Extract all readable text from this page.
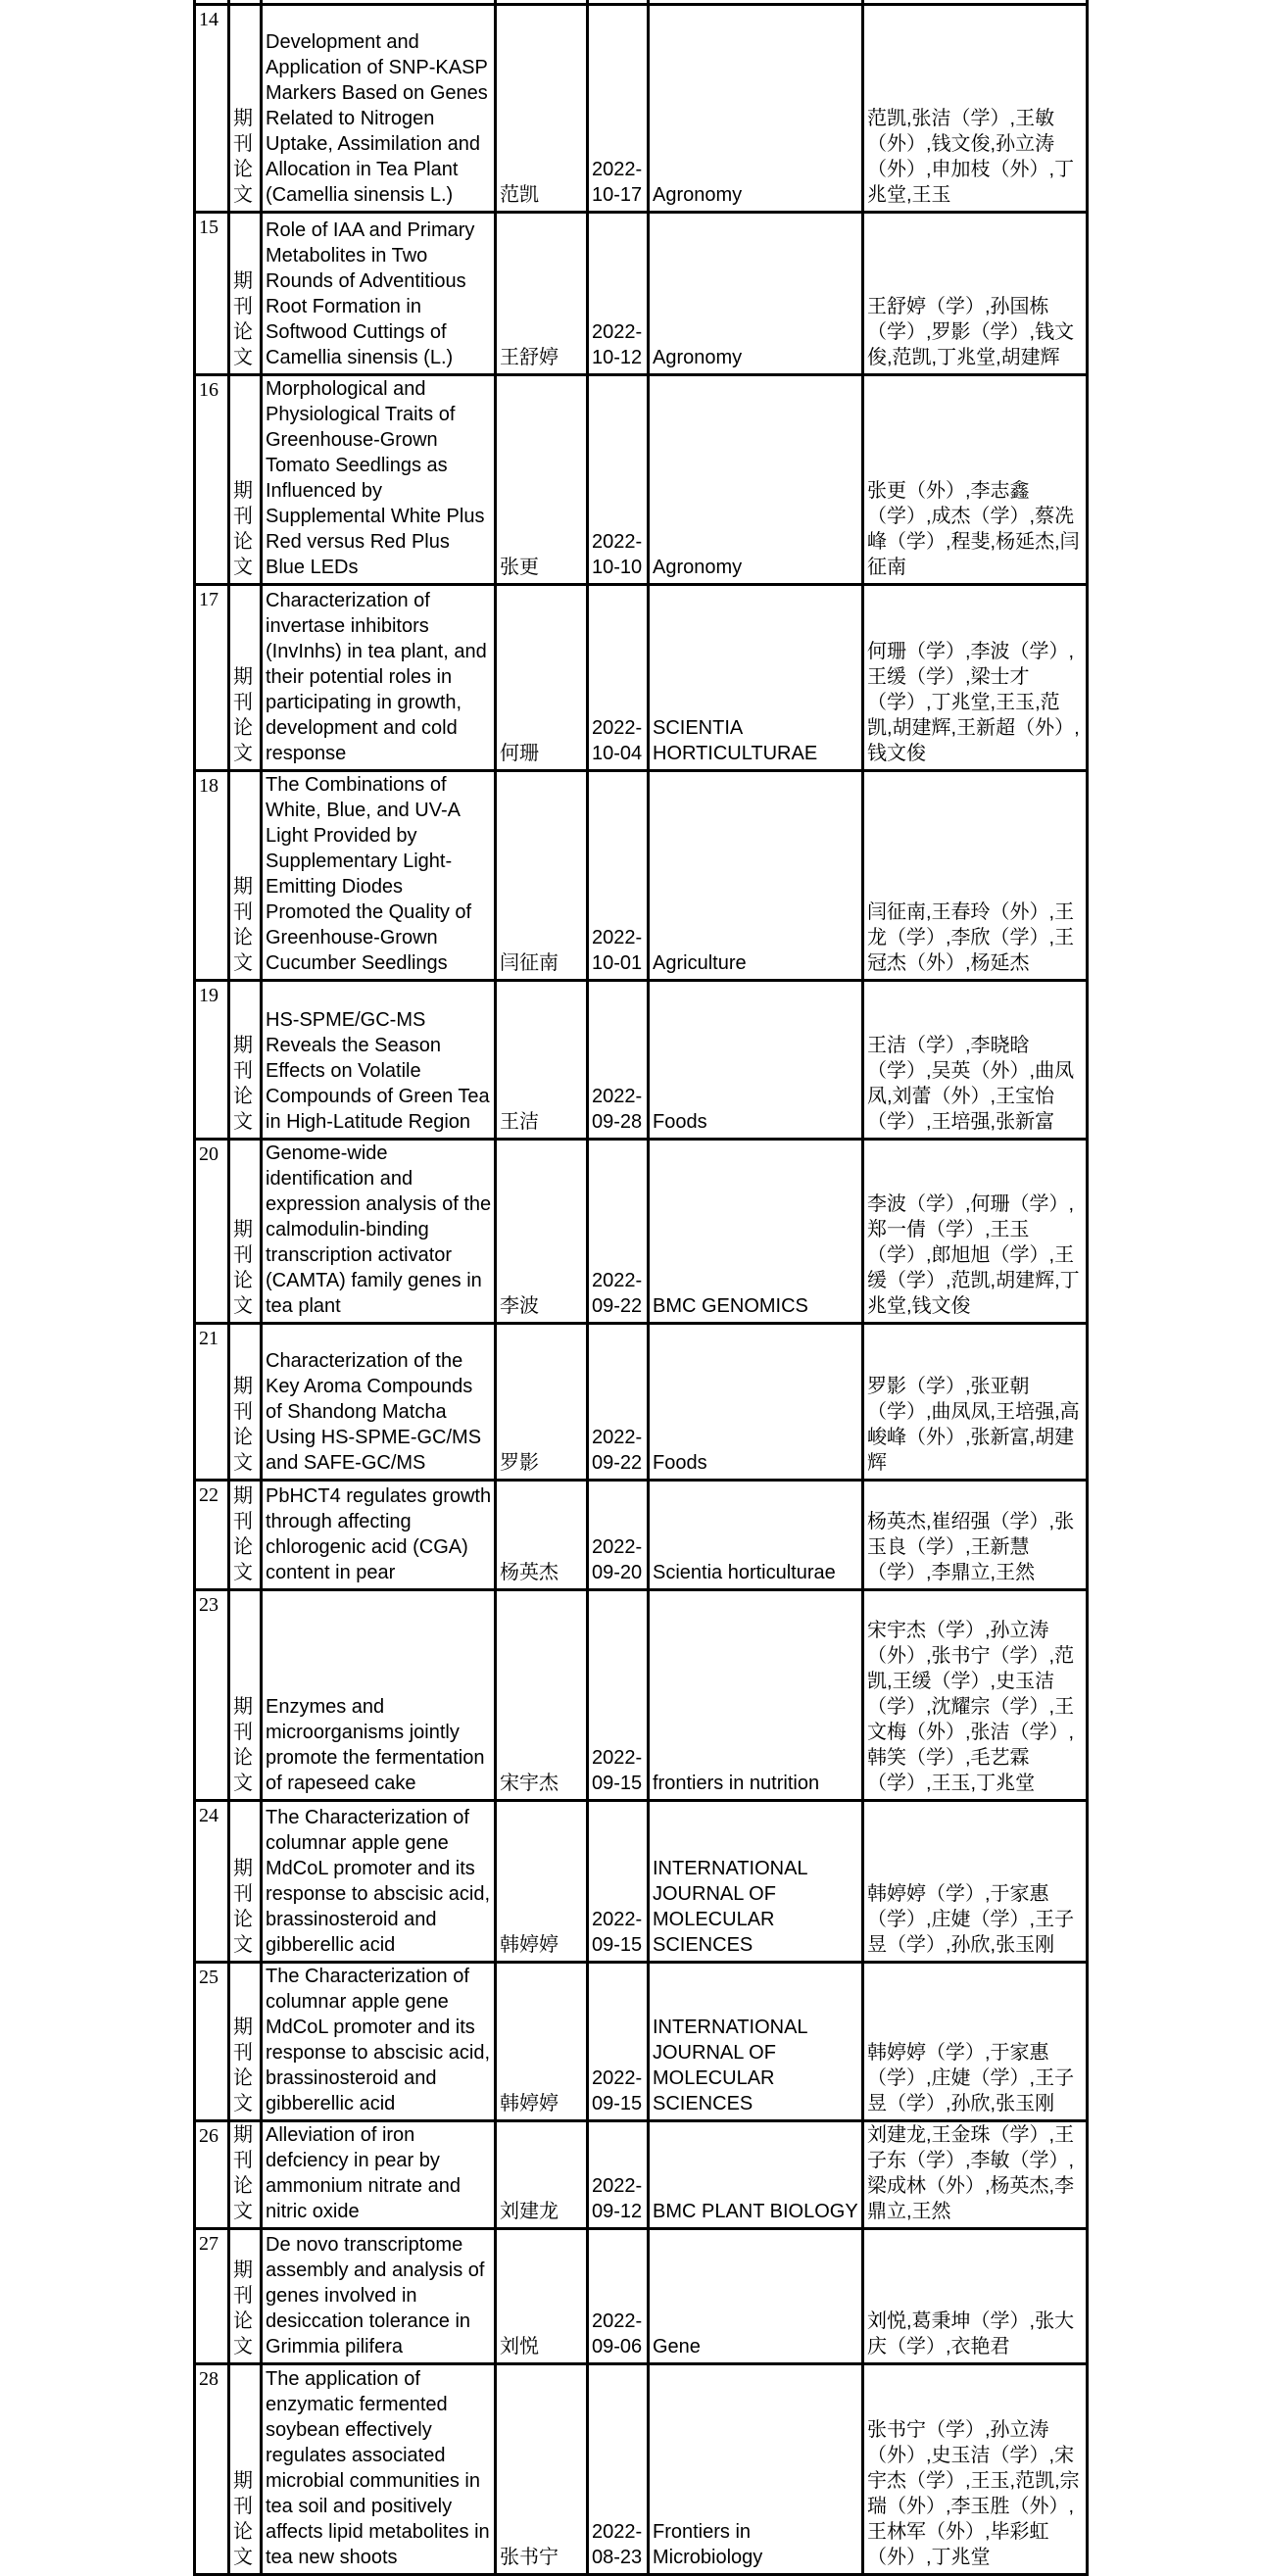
14	期刊论文	Development and Application of SNP-KASP Markers Based on Genes Related to Nitrogen Uptake, Assimilation and Allocation in Tea Plant (Camellia sinensis L.)	范凯	2022-10-17	Agronomy	范凯,张洁（学）,王敏（外）,钱文俊,孙立涛（外）,申加枝（外）,丁兆堂,王玉
15	期刊论文	Role of IAA and Primary Metabolites in Two Rounds of Adventitious Root Formation in Softwood Cuttings of Camellia sinensis (L.)	王舒婷	2022-10-12	Agronomy	王舒婷（学）,孙国栋（学）,罗影（学）,钱文俊,范凯,丁兆堂,胡建辉
16	期刊论文	Morphological and Physiological Traits of Greenhouse-Grown Tomato Seedlings as Influenced by Supplemental White Plus Red versus Red Plus Blue LEDs	张更	2022-10-10	Agronomy	张更（外）,李志鑫（学）,成杰（学）,蔡冼峰（学）,程斐,杨延杰,闫征南
17	期刊论文	Characterization of invertase inhibitors (InvInhs) in tea plant, and their potential roles in participating in growth, development and cold response	何珊	2022-10-04	SCIENTIA HORTICULTURAE	何珊（学）,李波（学）,王缓（学）,梁士才（学）,丁兆堂,王玉,范凯,胡建辉,王新超（外）,钱文俊
18	期刊论文	The Combinations of White, Blue, and UV-A Light Provided by Supplementary Light-Emitting Diodes Promoted the Quality of Greenhouse-Grown Cucumber Seedlings	闫征南	2022-10-01	Agriculture	闫征南,王春玲（外）,王龙（学）,李欣（学）,王冠杰（外）,杨延杰
19	期刊论文	HS-SPME/GC-MS Reveals the Season Effects on Volatile Compounds of Green Tea in High-Latitude Region	王洁	2022-09-28	Foods	王洁（学）,李晓晗（学）,吴英（外）,曲凤凤,刘蕾（外）,王宝怡（学）,王培强,张新富
20	期刊论文	Genome-wide identification and expression analysis of the calmodulin-binding transcription activator (CAMTA) family genes in tea plant	李波	2022-09-22	BMC GENOMICS	李波（学）,何珊（学）,郑一倩（学）,王玉（学）,郎旭旭（学）,王缓（学）,范凯,胡建辉,丁兆堂,钱文俊
21	期刊论文	Characterization of the Key Aroma Compounds of Shandong Matcha Using HS-SPME-GC/MS and SAFE-GC/MS	罗影	2022-09-22	Foods	罗影（学）,张亚朝（学）,曲凤凤,王培强,高峻峰（外）,张新富,胡建辉
22	期刊论文	PbHCT4 regulates growth through affecting chlorogenic acid (CGA) content in pear	杨英杰	2022-09-20	Scientia horticulturae	杨英杰,崔绍强（学）,张玉良（学）,王新慧（学）,李鼎立,王然
23	期刊论文	Enzymes and microorganisms jointly promote the fermentation of rapeseed cake	宋宇杰	2022-09-15	frontiers in nutrition	宋宇杰（学）,孙立涛（外）,张书宁（学）,范凯,王缓（学）,史玉洁（学）,沈耀宗（学）,王文梅（外）,张洁（学）,韩笑（学）,毛艺霖（学）,王玉,丁兆堂
24	期刊论文	The Characterization of columnar apple gene MdCoL promoter and its response to abscisic acid, brassinosteroid and gibberellic acid	韩婷婷	2022-09-15	INTERNATIONAL JOURNAL OF MOLECULAR SCIENCES	韩婷婷（学）,于家惠（学）,庄婕（学）,王子昱（学）,孙欣,张玉刚
25	期刊论文	The Characterization of columnar apple gene MdCoL promoter and its response to abscisic acid, brassinosteroid and gibberellic acid	韩婷婷	2022-09-15	INTERNATIONAL JOURNAL OF MOLECULAR SCIENCES	韩婷婷（学）,于家惠（学）,庄婕（学）,王子昱（学）,孙欣,张玉刚
26	期刊论文	Alleviation of iron defciency in pear by ammonium nitrate and nitric oxide	刘建龙	2022-09-12	BMC PLANT BIOLOGY	刘建龙,王金珠（学）,王子东（学）,李敏（学）,梁成林（外）,杨英杰,李鼎立,王然
27	期刊论文	De novo transcriptome assembly and analysis of genes involved in desiccation tolerance in Grimmia pilifera	刘悦	2022-09-06	Gene	刘悦,葛秉坤（学）,张大庆（学）,衣艳君
28	期刊论文	The application of enzymatic fermented soybean effectively regulates associated microbial communities in tea soil and positively affects lipid metabolites in tea new shoots	张书宁	2022-08-23	Frontiers in Microbiology	张书宁（学）,孙立涛（外）,史玉洁（学）,宋宇杰（学）,王玉,范凯,宗瑞（外）,李玉胜（外）,王林军（外）,毕彩虹（外）,丁兆堂
